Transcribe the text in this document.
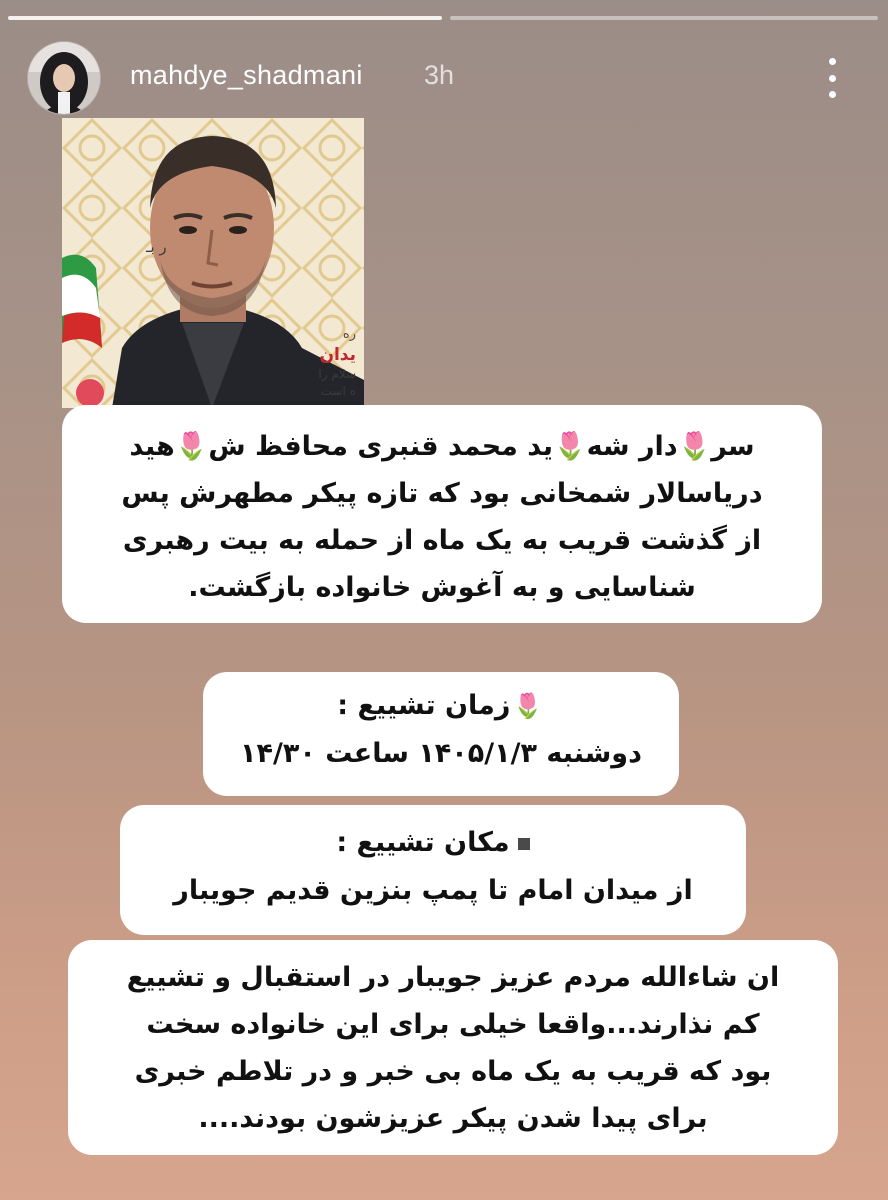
mahdye_shadmani 3h
ر بـ
ره
یدان
سلام را
ه است

سر🌷دار شه🌷ید محمد قنبری محافظ ش🌷هید

دریاسالار شمخانی بود که تازه پیکر مطهرش پس

از گذشت قریب به یک ماه از حمله به بیت رهبری

شناسایی و به آغوش خانواده بازگشت.

🌷زمان تشییع :

دوشنبه ۱۴۰۵/۱/۳ ساعت ۱۴/۳۰

مکان تشییع :

از میدان امام تا پمپ بنزین قدیم جویبار

ان شاءالله مردم عزیز جویبار در استقبال و تشییع

کم نذارند...واقعا خیلی برای این خانواده سخت

بود که قریب به یک ماه بی خبر و در تلاطم خبری

برای پیدا شدن پیکر عزیزشون بودند....
